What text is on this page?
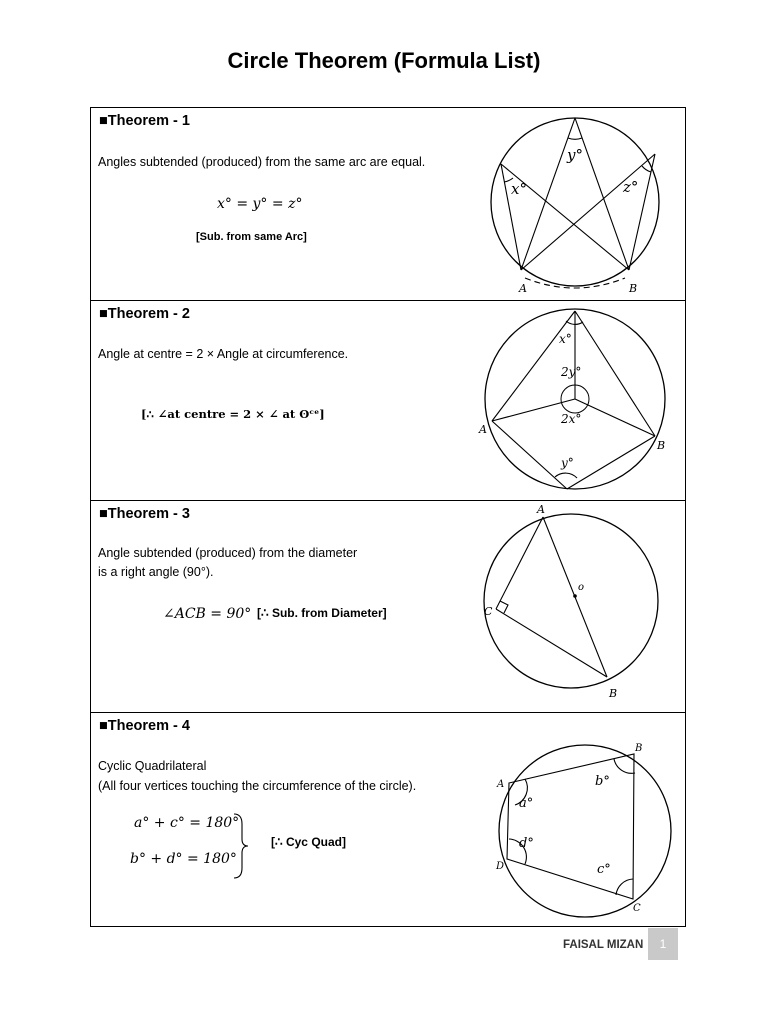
Circle Theorem (Formula List)
■Theorem - 1
Angles subtended (produced) from the same arc are equal.
x° = y° = z°
[Sub. from same Arc]
y°
x°	z°
A	B
■Theorem - 2
Angle at centre = 2 × Angle at circumference.
[∴ ∠at centre = 2 × ∠ at ʘᶜᵉ]
x°
2y°
2x°
y°
A
B
■Theorem - 3
Angle subtended (produced) from the diameter
is a right angle (90°).
∠ACB = 90° [∴ Sub. from Diameter]
A
o
C
B
■Theorem - 4
Cyclic Quadrilateral
(All four vertices touching the circumference of the circle).
a° + c° = 180°
b° + d° = 180°
[∴ Cyc Quad]
a°
b°
c°
d°
A
B
C
D
FAISAL MIZAN	1
